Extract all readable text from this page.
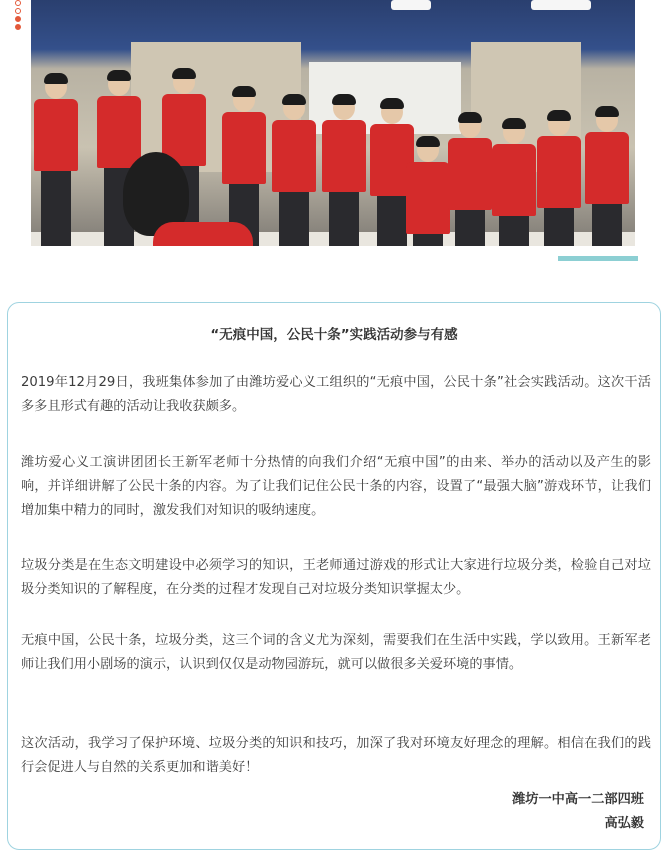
“无痕中国，公民十条”实践活动参与有感

2019年12月29日，我班集体参加了由潍坊爱心义工组织的“无痕中国，公民十条”社会实践活动。这次干活多多且形式有趣的活动让我收获颇多。

潍坊爱心义工演讲团团长王新军老师十分热情的向我们介绍“无痕中国”的由来、举办的活动以及产生的影响，并详细讲解了公民十条的内容。为了让我们记住公民十条的内容，设置了“最强大脑”游戏环节，让我们增加集中精力的同时，激发我们对知识的吸纳速度。

垃圾分类是在生态文明建设中必须学习的知识，王老师通过游戏的形式让大家进行垃圾分类，检验自己对垃圾分类知识的了解程度，在分类的过程才发现自己对垃圾分类知识掌握太少。

无痕中国，公民十条，垃圾分类，这三个词的含义尤为深刻，需要我们在生活中实践，学以致用。王新军老师让我们用小剧场的演示，认识到仅仅是动物园游玩，就可以做很多关爱环境的事情。

这次活动，我学习了保护环境、垃圾分类的知识和技巧，加深了我对环境友好理念的理解。相信在我们的践行会促进人与自然的关系更加和谐美好！

潍坊一中高一二部四班
高弘毅
